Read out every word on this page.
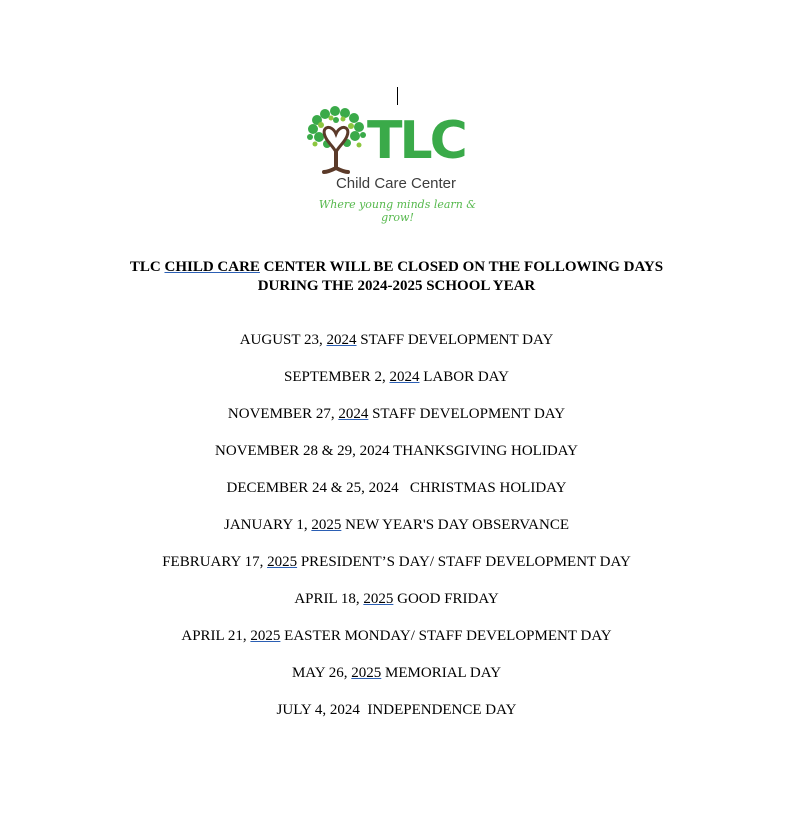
TLC
Child Care Center
Where young minds learn & grow!
TLC CHILD CARE CENTER WILL BE CLOSED ON THE FOLLOWING DAYS
DURING THE 2024-2025 SCHOOL YEAR
AUGUST 23, 2024 STAFF DEVELOPMENT DAY
SEPTEMBER 2, 2024 LABOR DAY
NOVEMBER 27, 2024 STAFF DEVELOPMENT DAY
NOVEMBER 28 & 29, 2024 THANKSGIVING HOLIDAY
DECEMBER 24 & 25, 2024   CHRISTMAS HOLIDAY
JANUARY 1, 2025 NEW YEAR'S DAY OBSERVANCE
FEBRUARY 17, 2025 PRESIDENT’S DAY/ STAFF DEVELOPMENT DAY
APRIL 18, 2025 GOOD FRIDAY
APRIL 21, 2025 EASTER MONDAY/ STAFF DEVELOPMENT DAY
MAY 26, 2025 MEMORIAL DAY
JULY 4, 2024  INDEPENDENCE DAY
